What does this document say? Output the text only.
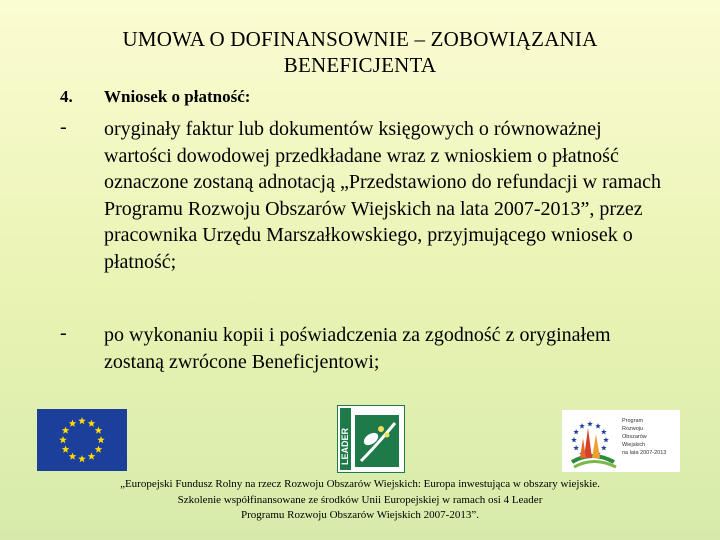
UMOWA O DOFINANSOWNIE – ZOBOWIĄZANIA
BENEFICJENTA
4. Wniosek o płatność:
- oryginały faktur lub dokumentów księgowych o równoważnej wartości dowodowej przedkładane wraz z wnioskiem o płatność oznaczone zostaną adnotacją „Przedstawiono do refundacji w ramach Programu Rozwoju Obszarów Wiejskich na lata 2007-2013”, przez pracownika Urzędu Marszałkowskiego, przyjmującego wniosek o płatność;
- po wykonaniu kopii i poświadczenia za zgodność z oryginałem zostaną zwrócone Beneficjentowi;
LEADER
Program
Rozwoju
Obszarów
Wiejskich
na lata 2007-2013
„Europejski Fundusz Rolny na rzecz Rozwoju Obszarów Wiejskich: Europa inwestująca w obszary wiejskie.
Szkolenie współfinansowane ze środków Unii Europejskiej w ramach osi 4 Leader
Programu Rozwoju Obszarów Wiejskich 2007-2013”.
